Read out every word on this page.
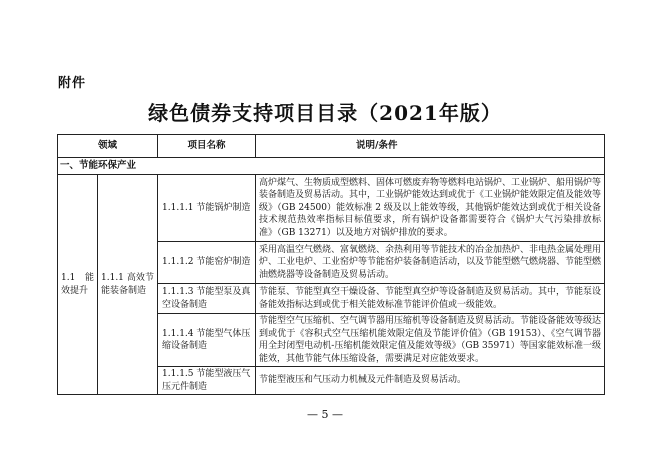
附件
绿色债券支持项目目录（2021年版）
领域		项目名称	说明/条件
一、节能环保产业			
1.1 能效提升	1.1.1 高效节能装备制造	1.1.1.1 节能锅炉制造	高炉煤气、生物质成型燃料、固体可燃废弃物等燃料电站锅炉、工业锅炉、船用锅炉等装备制造及贸易活动。其中，工业锅炉能效达到或优于《工业锅炉能效限定值及能效等级》（GB 24500）能效标准 2 级及以上能效等级，其他锅炉能效达到或优于相关设备技术规范热效率指标目标值要求，所有锅炉设备都需要符合《锅炉大气污染排放标准》（GB 13271）以及地方对锅炉排放的要求。
		1.1.1.2 节能窑炉制造	采用高温空气燃烧、富氧燃烧、余热利用等节能技术的冶金加热炉、非电热金属处理用炉、工业电炉、工业窑炉等节能窑炉装备制造活动，以及节能型燃气燃烧器、节能型燃油燃烧器等设备制造及贸易活动。
		1.1.1.3 节能型泵及真空设备制造	节能泵、节能型真空干燥设备、节能型真空炉等设备制造及贸易活动。其中，节能泵设备能效指标达到或优于相关能效标准节能评价值或一级能效。
		1.1.1.4 节能型气体压缩设备制造	节能型空气压缩机、空气调节器用压缩机等设备制造及贸易活动。节能设备能效等级达到或优于《容积式空气压缩机能效限定值及节能评价值》（GB 19153）、《空气调节器用全封闭型电动机-压缩机能效限定值及能效等级》（GB 35971）等国家能效标准一级能效，其他节能气体压缩设备，需要满足对应能效要求。
		1.1.1.5 节能型液压气压元件制造	节能型液压和气压动力机械及元件制造及贸易活动。
— 5 —
